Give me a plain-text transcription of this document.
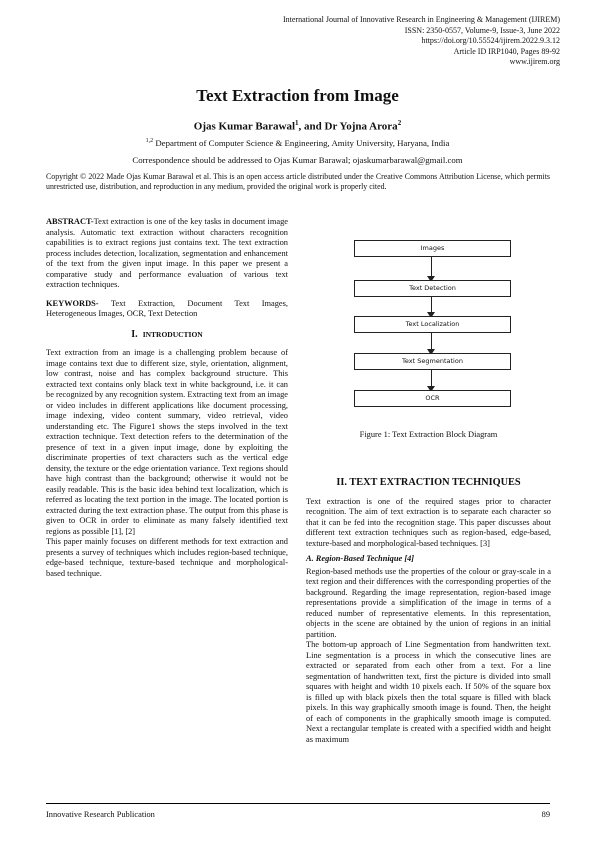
International Journal of Innovative Research in Engineering & Management (IJIREM)
ISSN: 2350-0557, Volume-9, Issue-3, June 2022
https://doi.org/10.55524/ijirem.2022.9.3.12
Article ID IRP1040, Pages 89-92
www.ijirem.org
Text Extraction from Image
Ojas Kumar Barawal$^1$, and Dr Yojna Arora$^2$
$^{1,2}$ Department of Computer Science & Engineering, Amity University, Haryana, India
Correspondence should be addressed to Ojas Kumar Barawal; ojaskumarbarawal@gmail.com
Copyright © 2022 Made Ojas Kumar Barawal et al. This is an open access article distributed under the Creative Commons Attribution License, which permits unrestricted use, distribution, and reproduction in any medium, provided the original work is properly cited.

ABSTRACT-Text extraction is one of the key tasks in document image analysis. Automatic text extraction without characters recognition capabilities is to extract regions just contains text. The text extraction process includes detection, localization, segmentation and enhancement of the text from the given input image. In this paper we present a comparative study and performance evaluation of various text extraction techniques.

KEYWORDS- Text Extraction, Document Text Images, Heterogeneous Images, OCR, Text Detection

I. INTRODUCTION

Text extraction from an image is a challenging problem because of image contains text due to different size, style, orientation, alignment, low contrast, noise and has complex background structure. This extracted text contains only black text in white background, i.e. it can be recognized by any recognition system. Extracting text from an image or video includes in different applications like document processing, image indexing, video content summary, video retrieval, video understanding etc. The Figure1 shows the steps involved in the text extraction technique. Text detection refers to the determination of the presence of text in a given input image, done by exploiting the discriminate properties of text characters such as the vertical edge density, the texture or the edge orientation variance. Text regions should have high contrast than the background; otherwise it would not be easily readable. This is the basic idea behind text localization, which is referred as locating the text portion in the image. The located portion is extracted during the text extraction phase. The output from this phase is given to OCR in order to eliminate as many falsely identified text regions as possible [1], [2]

This paper mainly focuses on different methods for text extraction and presents a survey of techniques which includes region-based technique, edge-based technique, texture-based technique and morphological-based technique.

Images
Text Detection
Text Localization
Text Segmentation
OCR
Figure 1: Text Extraction Block Diagram
II. TEXT EXTRACTION TECHNIQUES

Text extraction is one of the required stages prior to character recognition. The aim of text extraction is to separate each character so that it can be fed into the recognition stage. This paper discusses about different text extraction techniques such as region-based, edge-based, texture-based and morphological-based techniques. [3]

A. Region-Based Technique [4]

Region-based methods use the properties of the colour or gray-scale in a text region and their differences with the corresponding properties of the background. Regarding the image representation, region-based image representations provide a simplification of the image in terms of a reduced number of representative elements. In this representation, objects in the scene are obtained by the union of regions in an initial partition.

The bottom-up approach of Line Segmentation from handwritten text. Line segmentation is a process in which the consecutive lines are extracted or separated from each other from a text. For a line segmentation of handwritten text, first the picture is divided into small squares with height and width 10 pixels each. If 50% of the square box is filled up with black pixels then the total square is filled with black pixels. In this way graphically smooth image is found. Then, the height of each of components in the graphically smooth image is computed. Next a rectangular template is created with a specified width and height as maximum

Innovative Research Publication	89
